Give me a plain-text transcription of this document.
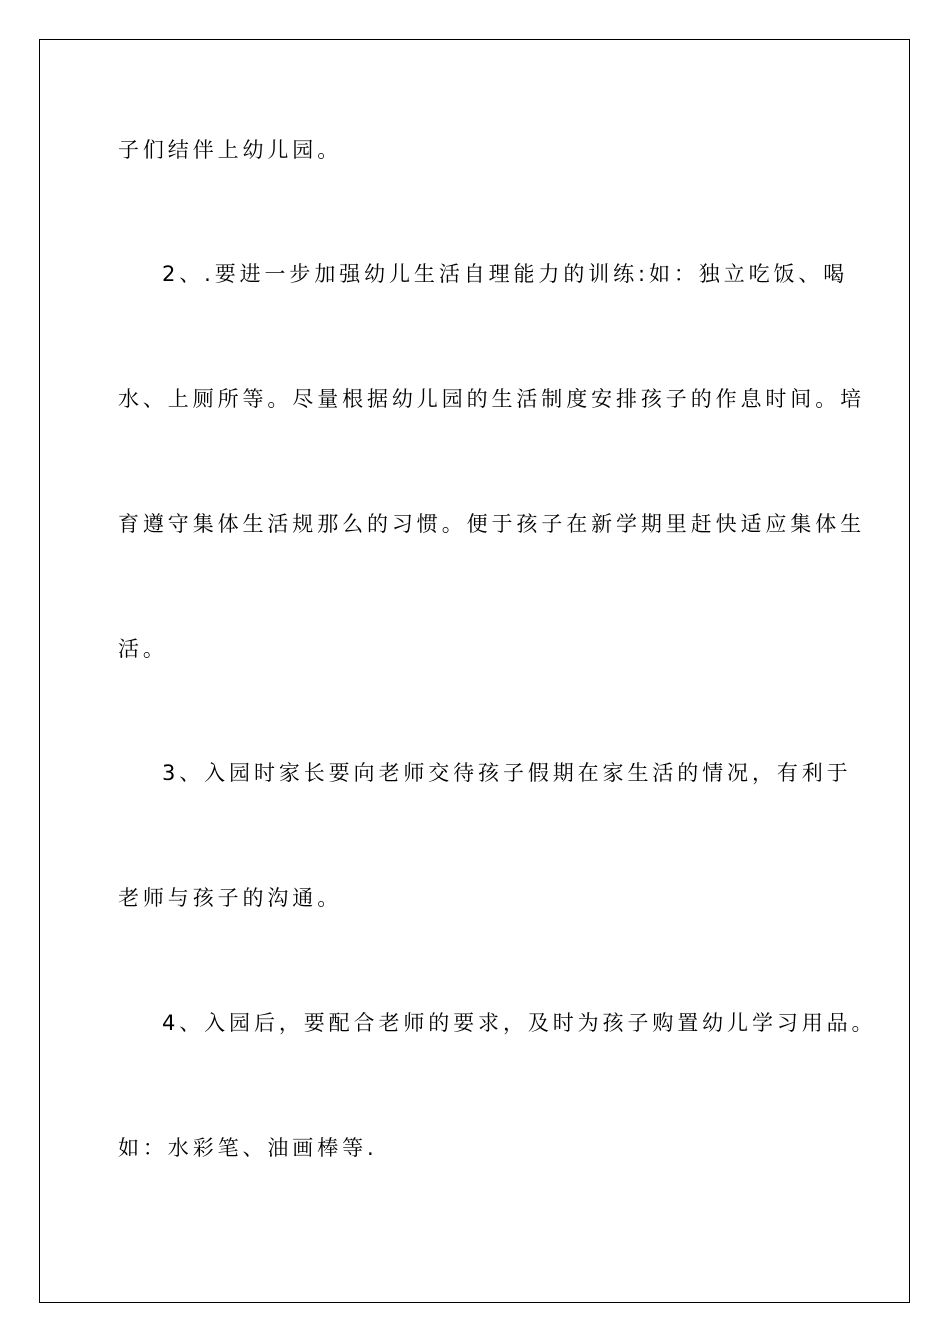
子们结伴上幼儿园。
2、.要进一步加强幼儿生活自理能力的训练:如：独立吃饭、喝
水、上厕所等。尽量根据幼儿园的生活制度安排孩子的作息时间。培
育遵守集体生活规那么的习惯。便于孩子在新学期里赶快适应集体生
活。
3、入园时家长要向老师交待孩子假期在家生活的情况，有利于
老师与孩子的沟通。
4、入园后，要配合老师的要求，及时为孩子购置幼儿学习用品。
如：水彩笔、油画棒等.
